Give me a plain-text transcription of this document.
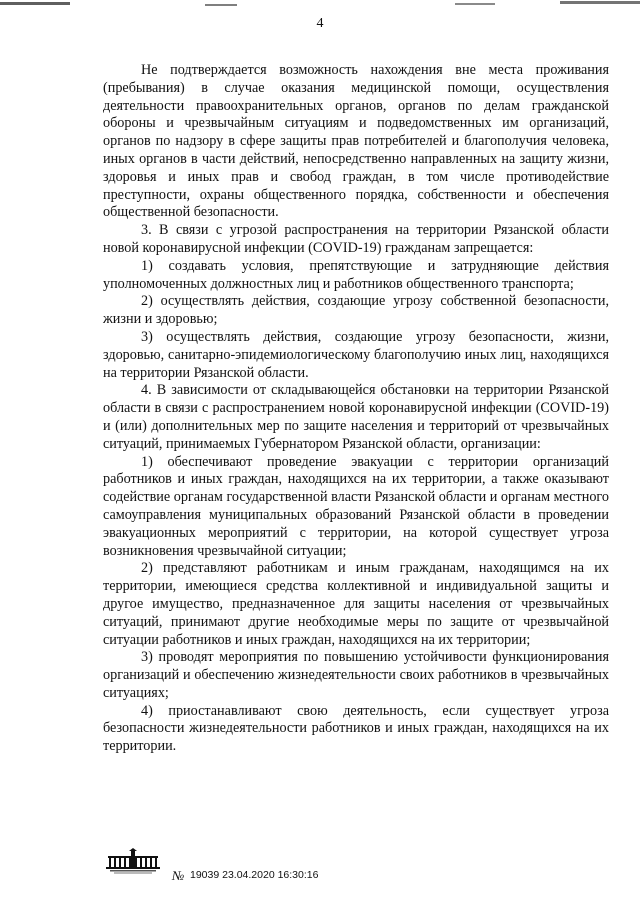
4

Не подтверждается возможность нахождения вне места проживания (пребывания) в случае оказания медицинской помощи, осуществления деятельности правоохранительных органов, органов по делам гражданской обороны и чрезвычайным ситуациям и подведомственных им организаций, органов по надзору в сфере защиты прав потребителей и благополучия человека, иных органов в части действий, непосредственно направленных на защиту жизни, здоровья и иных прав и свобод граждан, в том числе противодействие преступности, охраны общественного порядка, собственности и обеспечения общественной безопасности.

3. В связи с угрозой распространения на территории Рязанской области новой коронавирусной инфекции (COVID-19) гражданам запрещается:

1) создавать условия, препятствующие и затрудняющие действия уполномоченных должностных лиц и работников общественного транспорта;

2) осуществлять действия, создающие угрозу собственной безопасности, жизни и здоровью;

3) осуществлять действия, создающие угрозу безопасности, жизни, здоровью, санитарно-эпидемиологическому благополучию иных лиц, находящихся на территории Рязанской области.

4. В зависимости от складывающейся обстановки на территории Рязанской области в связи с распространением новой коронавирусной инфекции (COVID-19) и (или) дополнительных мер по защите населения и территорий от чрезвычайных ситуаций, принимаемых Губернатором Рязанской области, организации:

1) обеспечивают проведение эвакуации с территории организаций работников и иных граждан, находящихся на их территории, а также оказывают содействие органам государственной власти Рязанской области и органам местного самоуправления муниципальных образований Рязанской области в проведении эвакуационных мероприятий с территории, на которой существует угроза возникновения чрезвычайной ситуации;

2) представляют работникам и иным гражданам, находящимся на их территории, имеющиеся средства коллективной и индивидуальной защиты и другое имущество, предназначенное для защиты населения от чрезвычайных ситуаций, принимают другие необходимые меры по защите от чрезвычайной ситуации работников и иных граждан, находящихся на их территории;

3) проводят мероприятия по повышению устойчивости функционирования организаций и обеспечению жизнедеятельности своих работников в чрезвычайных ситуациях;

4) приостанавливают свою деятельность, если существует угроза безопасности жизнедеятельности работников и иных граждан, находящихся на их территории.

№ 19039 23.04.2020 16:30:16
